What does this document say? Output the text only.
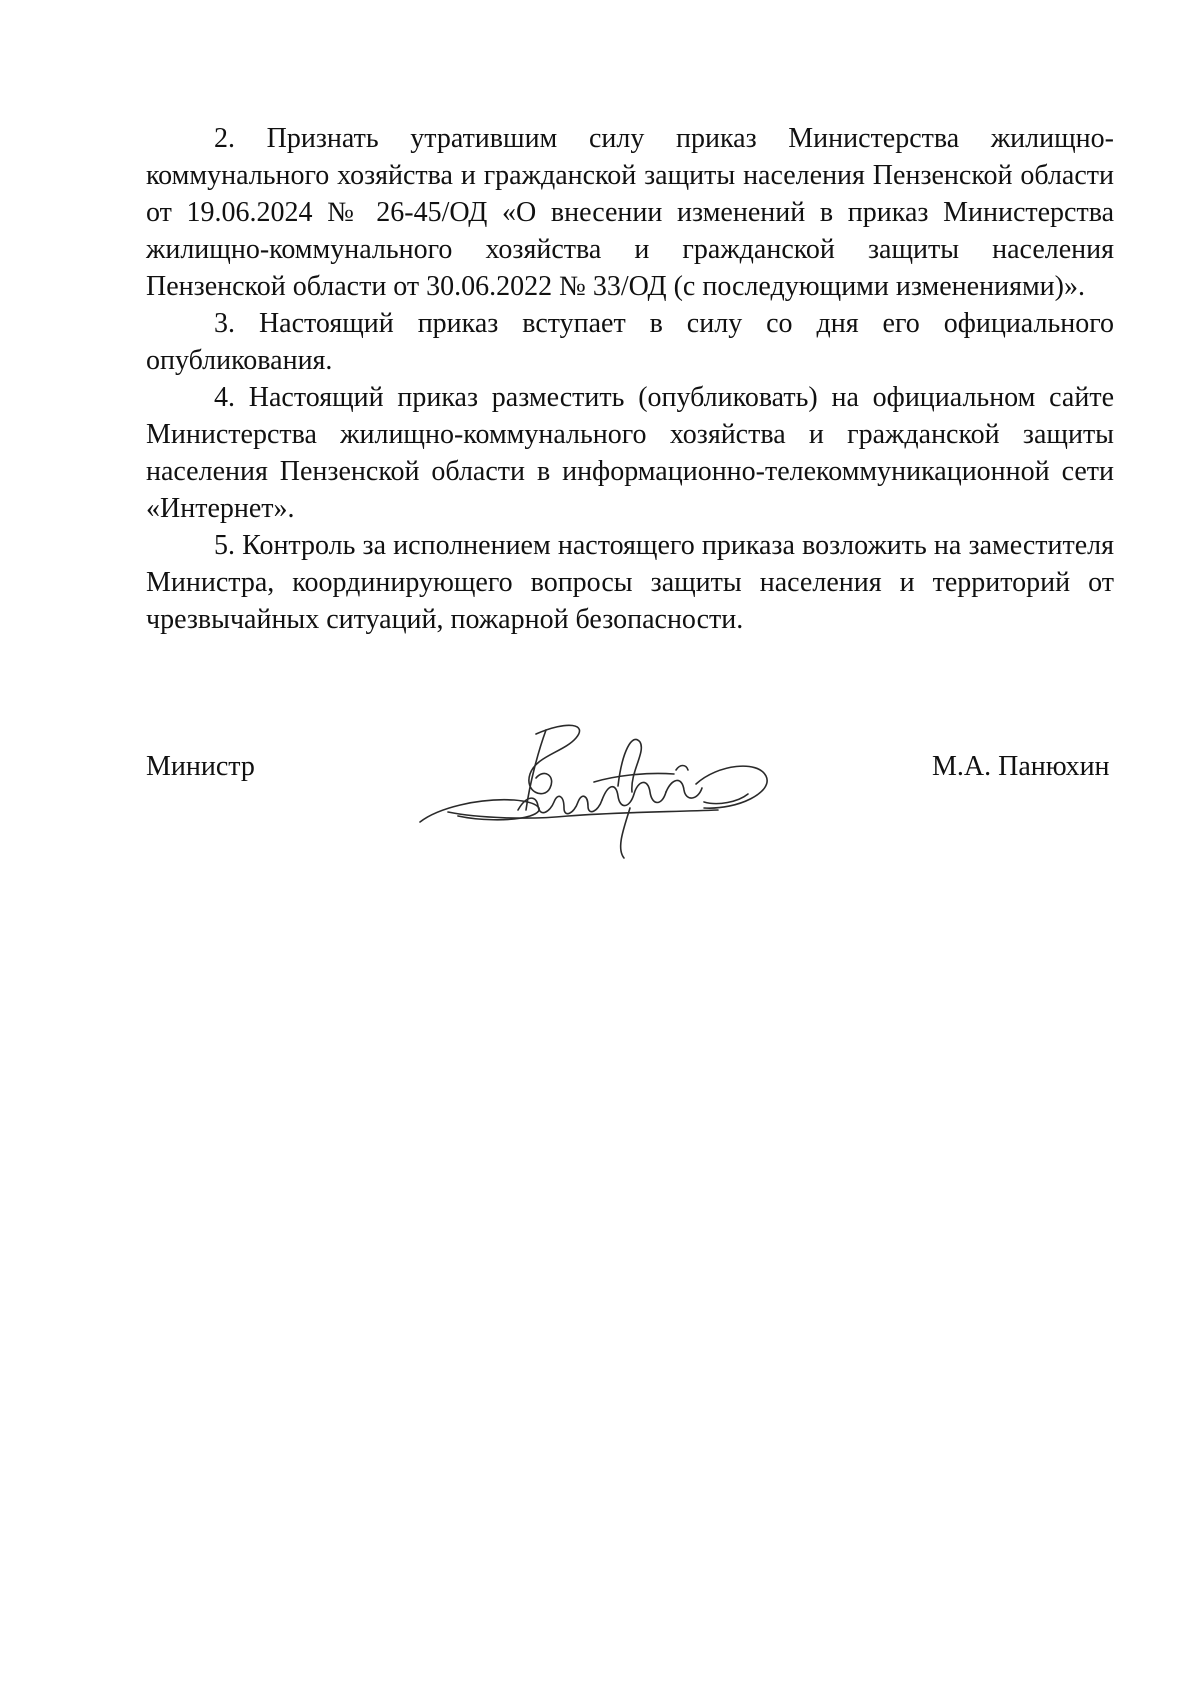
2. Признать утратившим силу приказ Министерства жилищно-коммунального хозяйства и гражданской защиты населения Пензенской области от 19.06.2024 № 26-45/ОД «О внесении изменений в приказ Министерства жилищно-коммунального хозяйства и гражданской защиты населения Пензенской области от 30.06.2022 № 33/ОД (с последующими изменениями)».

3. Настоящий приказ вступает в силу со дня его официального опубликования.

4. Настоящий приказ разместить (опубликовать) на официальном сайте Министерства жилищно-коммунального хозяйства и гражданской защиты населения Пензенской области в информационно-телекоммуникационной сети «Интернет».

5. Контроль за исполнением настоящего приказа возложить на заместителя Министра, координирующего вопросы защиты населения и территорий от чрезвычайных ситуаций, пожарной безопасности.

Министр	М.А. Панюхин
